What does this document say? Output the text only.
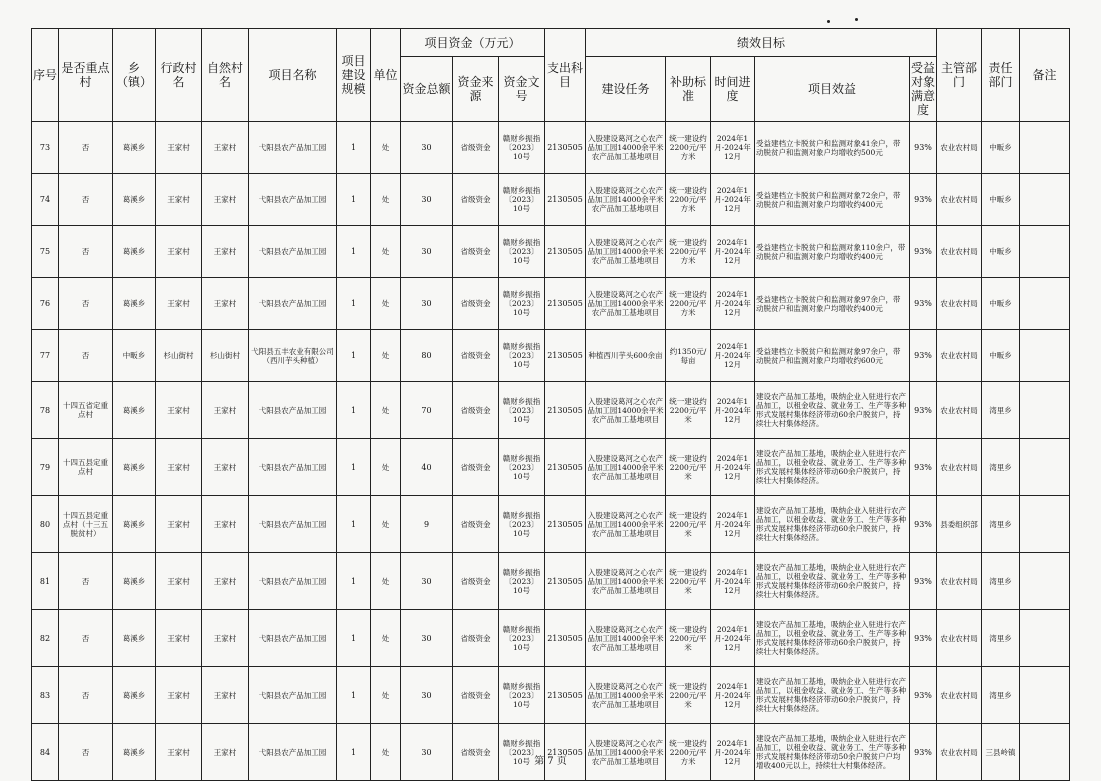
序号	是否重点村	乡（镇）	行政村名	自然村名	项目名称	项目建设规模	单位	项目资金（万元）			支出科目	绩效目标					主管部门	责任部门	备注
								资金总额	资金来源	资金文号		建设任务	补助标准	时间进度	项目效益	受益对象满意度			
73	否	葛溪乡	王家村	王家村	弋阳县农产品加工园	1	处	30	省级资金	赣财乡振指〔2023〕10号	2130505	入股建设葛河之心农产品加工园14000余平米农产品加工基地项目	统一建设约2200元/平方米	2024年1月-2024年12月	受益建档立卡脱贫户和监测对象41余户，带动脱贫户和监测对象户均增收约500元	93%	农业农村局	中畈乡	
74	否	葛溪乡	王家村	王家村	弋阳县农产品加工园	1	处	30	省级资金	赣财乡振指〔2023〕10号	2130505	入股建设葛河之心农产品加工园14000余平米农产品加工基地项目	统一建设约2200元/平方米	2024年1月-2024年12月	受益建档立卡脱贫户和监测对象72余户，带动脱贫户和监测对象户均增收约400元	93%	农业农村局	中畈乡	
75	否	葛溪乡	王家村	王家村	弋阳县农产品加工园	1	处	30	省级资金	赣财乡振指〔2023〕10号	2130505	入股建设葛河之心农产品加工园14000余平米农产品加工基地项目	统一建设约2200元/平方米	2024年1月-2024年12月	受益建档立卡脱贫户和监测对象110余户，带动脱贫户和监测对象户均增收约400元	93%	农业农村局	中畈乡	
76	否	葛溪乡	王家村	王家村	弋阳县农产品加工园	1	处	30	省级资金	赣财乡振指〔2023〕10号	2130505	入股建设葛河之心农产品加工园14000余平米农产品加工基地项目	统一建设约2200元/平方米	2024年1月-2024年12月	受益建档立卡脱贫户和监测对象97余户，带动脱贫户和监测对象户均增收约400元	93%	农业农村局	中畈乡	
77	否	中畈乡	杉山街村	杉山街村	弋阳县五丰农业有限公司（西川芋头种植）	1	处	80	省级资金	赣财乡振指〔2023〕10号	2130505	种植西川芋头600余亩	约1350元/每亩	2024年1月-2024年12月	受益建档立卡脱贫户和监测对象97余户，带动脱贫户和监测对象户均增收约600元	93%	农业农村局	中畈乡	
78	十四五省定重点村	葛溪乡	王家村	王家村	弋阳县农产品加工园	1	处	70	省级资金	赣财乡振指〔2023〕10号	2130505	入股建设葛河之心农产品加工园14000余平米农产品加工基地项目	统一建设约2200元/平米	2024年1月-2024年12月	建设农产品加工基地，吸纳企业入驻进行农产品加工，以租金收益、就业务工、生产等多种形式发展村集体经济带动60余户脱贫户，持续壮大村集体经济。	93%	农业农村局	湾里乡	
79	十四五县定重点村	葛溪乡	王家村	王家村	弋阳县农产品加工园	1	处	40	省级资金	赣财乡振指〔2023〕10号	2130505	入股建设葛河之心农产品加工园14000余平米农产品加工基地项目	统一建设约2200元/平米	2024年1月-2024年12月	建设农产品加工基地，吸纳企业入驻进行农产品加工，以租金收益、就业务工、生产等多种形式发展村集体经济带动60余户脱贫户，持续壮大村集体经济。	93%	农业农村局	湾里乡	
80	十四五县定重点村（十三五脱贫村）	葛溪乡	王家村	王家村	弋阳县农产品加工园	1	处	9	省级资金	赣财乡振指〔2023〕10号	2130505	入股建设葛河之心农产品加工园14000余平米农产品加工基地项目	统一建设约2200元/平米	2024年1月-2024年12月	建设农产品加工基地，吸纳企业入驻进行农产品加工，以租金收益、就业务工、生产等多种形式发展村集体经济带动60余户脱贫户，持续壮大村集体经济。	93%	县委组织部	湾里乡	
81	否	葛溪乡	王家村	王家村	弋阳县农产品加工园	1	处	30	省级资金	赣财乡振指〔2023〕10号	2130505	入股建设葛河之心农产品加工园14000余平米农产品加工基地项目	统一建设约2200元/平米	2024年1月-2024年12月	建设农产品加工基地，吸纳企业入驻进行农产品加工，以租金收益、就业务工、生产等多种形式发展村集体经济带动60余户脱贫户，持续壮大村集体经济。	93%	农业农村局	湾里乡	
82	否	葛溪乡	王家村	王家村	弋阳县农产品加工园	1	处	30	省级资金	赣财乡振指〔2023〕10号	2130505	入股建设葛河之心农产品加工园14000余平米农产品加工基地项目	统一建设约2200元/平米	2024年1月-2024年12月	建设农产品加工基地，吸纳企业入驻进行农产品加工，以租金收益、就业务工、生产等多种形式发展村集体经济带动60余户脱贫户，持续壮大村集体经济。	93%	农业农村局	湾里乡	
83	否	葛溪乡	王家村	王家村	弋阳县农产品加工园	1	处	30	省级资金	赣财乡振指〔2023〕10号	2130505	入股建设葛河之心农产品加工园14000余平米农产品加工基地项目	统一建设约2200元/平米	2024年1月-2024年12月	建设农产品加工基地，吸纳企业入驻进行农产品加工，以租金收益、就业务工、生产等多种形式发展村集体经济带动60余户脱贫户，持续壮大村集体经济。	93%	农业农村局	湾里乡	
84	否	葛溪乡	王家村	王家村	弋阳县农产品加工园	1	处	30	省级资金	赣财乡振指〔2023〕10号	2130505	入股建设葛河之心农产品加工园14000余平米农产品加工基地项目	统一建设约2200元/平方米	2024年1月-2024年12月	建设农产品加工基地，吸纳企业入驻进行农产品加工，以租金收益、就业务工、生产等多种形式发展村集体经济带动50余户脱贫户户均增收400元以上，持续壮大村集体经济。	93%	农业农村局	三县岭镇	
第 7 页
